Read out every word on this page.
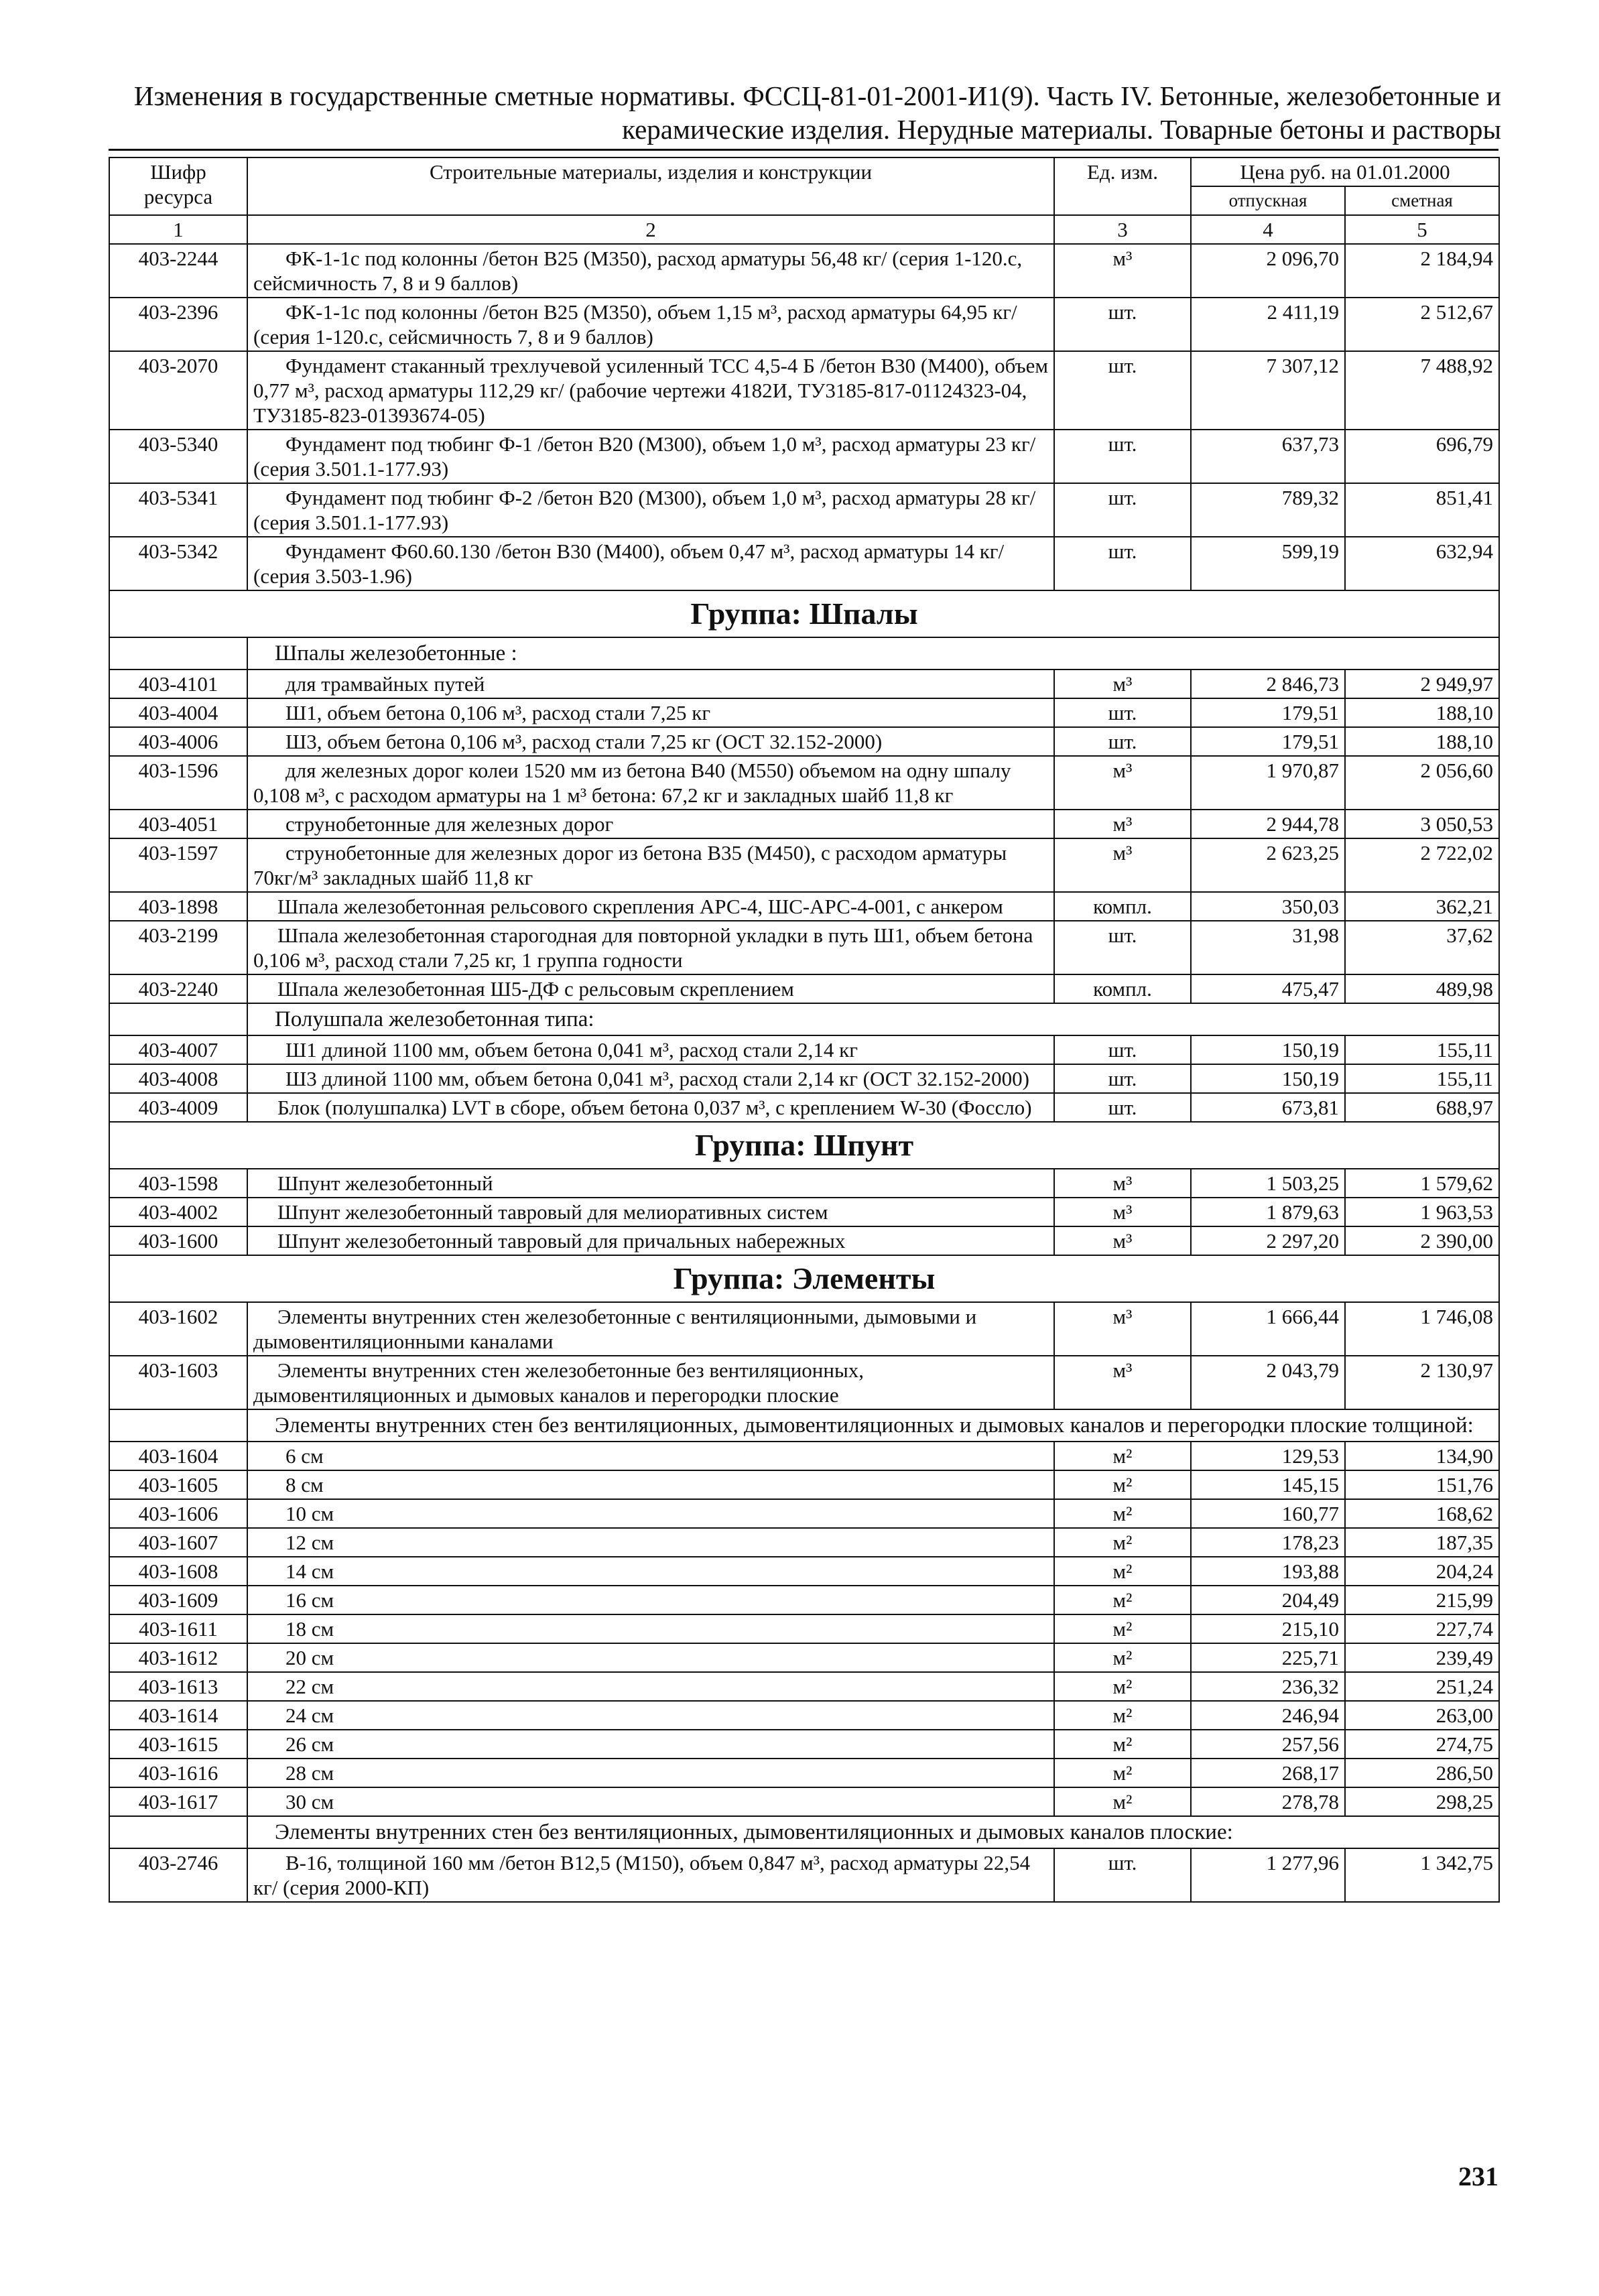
Изменения в государственные сметные нормативы. ФССЦ-81-01-2001-И1(9). Часть IV. Бетонные, железобетонные и
керамические изделия. Нерудные материалы. Товарные бетоны и растворы
Шифр ресурса	Строительные материалы, изделия и конструкции	Ед. изм.	Цена руб. на 01.01.2000	
			отпускная	сметная
1	2	3	4	5
403-2244	ФК-1-1с под колонны /бетон В25 (М350), расход арматуры 56,48 кг/ (серия 1-120.с, сейсмичность 7, 8 и 9 баллов)	м³	2 096,70	2 184,94
403-2396	ФК-1-1с под колонны /бетон В25 (М350), объем 1,15 м³, расход арматуры 64,95 кг/ (серия 1-120.с, сейсмичность 7, 8 и 9 баллов)	шт.	2 411,19	2 512,67
403-2070	Фундамент стаканный трехлучевой усиленный ТСС 4,5-4 Б /бетон В30 (М400), объем 0,77 м³, расход арматуры 112,29 кг/ (рабочие чертежи 4182И, ТУ3185-817-01124323-04, ТУ3185-823-01393674-05)	шт.	7 307,12	7 488,92
403-5340	Фундамент под тюбинг Ф-1 /бетон В20 (М300), объем 1,0 м³, расход арматуры 23 кг/ (серия 3.501.1-177.93)	шт.	637,73	696,79
403-5341	Фундамент под тюбинг Ф-2 /бетон В20 (М300), объем 1,0 м³, расход арматуры 28 кг/ (серия 3.501.1-177.93)	шт.	789,32	851,41
403-5342	Фундамент Ф60.60.130 /бетон В30 (М400), объем 0,47 м³, расход арматуры 14 кг/ (серия 3.503-1.96)	шт.	599,19	632,94
Группа: Шпалы				
	Шпалы железобетонные :			
403-4101	для трамвайных путей	м³	2 846,73	2 949,97
403-4004	Ш1, объем бетона 0,106 м³, расход стали 7,25 кг	шт.	179,51	188,10
403-4006	Ш3, объем бетона 0,106 м³, расход стали 7,25 кг (ОСТ 32.152-2000)	шт.	179,51	188,10
403-1596	для железных дорог колеи 1520 мм из бетона В40 (М550) объемом на одну шпалу 0,108 м³, с расходом арматуры на 1 м³ бетона: 67,2 кг и закладных шайб 11,8 кг	м³	1 970,87	2 056,60
403-4051	струнобетонные для железных дорог	м³	2 944,78	3 050,53
403-1597	струнобетонные для железных дорог из бетона В35 (М450), с расходом арматуры 70кг/м³ закладных шайб 11,8 кг	м³	2 623,25	2 722,02
403-1898	Шпала железобетонная рельсового скрепления АРС-4, ШС-АРС-4-001, с анкером	компл.	350,03	362,21
403-2199	Шпала железобетонная старогодная для повторной укладки в путь Ш1, объем бетона 0,106 м³, расход стали 7,25 кг, 1 группа годности	шт.	31,98	37,62
403-2240	Шпала железобетонная Ш5-ДФ с рельсовым скреплением	компл.	475,47	489,98
	Полушпала железобетонная типа:			
403-4007	Ш1 длиной 1100 мм, объем бетона 0,041 м³, расход стали 2,14 кг	шт.	150,19	155,11
403-4008	Ш3 длиной 1100 мм, объем бетона 0,041 м³, расход стали 2,14 кг (ОСТ 32.152-2000)	шт.	150,19	155,11
403-4009	Блок (полушпалка) LVT в сборе, объем бетона 0,037 м³, с креплением W-30 (Фоссло)	шт.	673,81	688,97
Группа: Шпунт				
403-1598	Шпунт железобетонный	м³	1 503,25	1 579,62
403-4002	Шпунт железобетонный тавровый для мелиоративных систем	м³	1 879,63	1 963,53
403-1600	Шпунт железобетонный тавровый для причальных набережных	м³	2 297,20	2 390,00
Группа: Элементы				
403-1602	Элементы внутренних стен железобетонные с вентиляционными, дымовыми и дымовентиляционными каналами	м³	1 666,44	1 746,08
403-1603	Элементы внутренних стен железобетонные без вентиляционных, дымовентиляционных и дымовых каналов и перегородки плоские	м³	2 043,79	2 130,97
	Элементы внутренних стен без вентиляционных, дымовентиляционных и дымовых каналов и перегородки плоские толщиной:			
403-1604	6 см	м²	129,53	134,90
403-1605	8 см	м²	145,15	151,76
403-1606	10 см	м²	160,77	168,62
403-1607	12 см	м²	178,23	187,35
403-1608	14 см	м²	193,88	204,24
403-1609	16 см	м²	204,49	215,99
403-1611	18 см	м²	215,10	227,74
403-1612	20 см	м²	225,71	239,49
403-1613	22 см	м²	236,32	251,24
403-1614	24 см	м²	246,94	263,00
403-1615	26 см	м²	257,56	274,75
403-1616	28 см	м²	268,17	286,50
403-1617	30 см	м²	278,78	298,25
	Элементы внутренних стен без вентиляционных, дымовентиляционных и дымовых каналов плоские:			
403-2746	В-16, толщиной 160 мм /бетон В12,5 (М150), объем 0,847 м³, расход арматуры 22,54 кг/ (серия 2000-КП)	шт.	1 277,96	1 342,75
231
